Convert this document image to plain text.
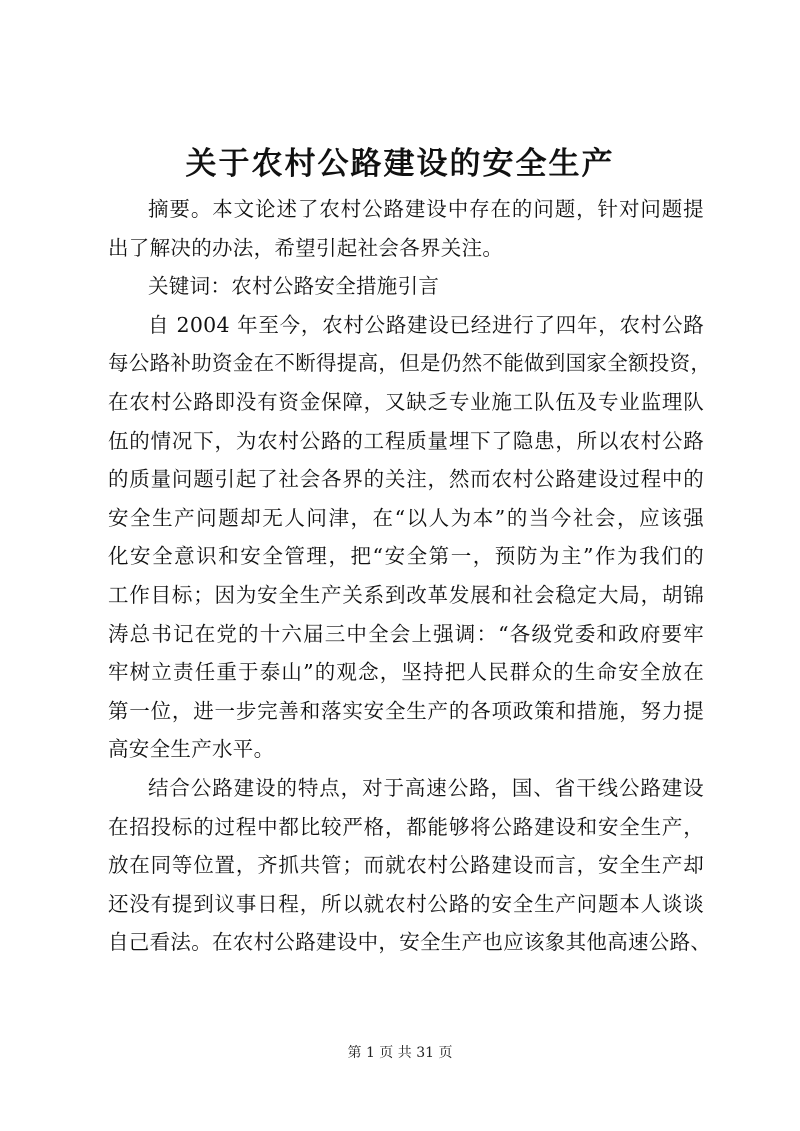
关于农村公路建设的安全生产
摘要。本文论述了农村公路建设中存在的问题，针对问题提
出了解决的办法，希望引起社会各界关注。
关键词：农村公路安全措施引言
自 2004 年至今，农村公路建设已经进行了四年，农村公路
每公路补助资金在不断得提高，但是仍然不能做到国家全额投资，
在农村公路即没有资金保障，又缺乏专业施工队伍及专业监理队
伍的情况下，为农村公路的工程质量埋下了隐患，所以农村公路
的质量问题引起了社会各界的关注，然而农村公路建设过程中的
安全生产问题却无人问津，在“以人为本”的当今社会，应该强
化安全意识和安全管理，把“安全第一，预防为主”作为我们的
工作目标；因为安全生产关系到改革发展和社会稳定大局，胡锦
涛总书记在党的十六届三中全会上强调：“各级党委和政府要牢
牢树立责任重于泰山”的观念，坚持把人民群众的生命安全放在
第一位，进一步完善和落实安全生产的各项政策和措施，努力提
高安全生产水平。
结合公路建设的特点，对于高速公路，国、省干线公路建设
在招投标的过程中都比较严格，都能够将公路建设和安全生产，
放在同等位置，齐抓共管；而就农村公路建设而言，安全生产却
还没有提到议事日程，所以就农村公路的安全生产问题本人谈谈
自己看法。在农村公路建设中，安全生产也应该象其他高速公路、
第 1 页 共 31 页
